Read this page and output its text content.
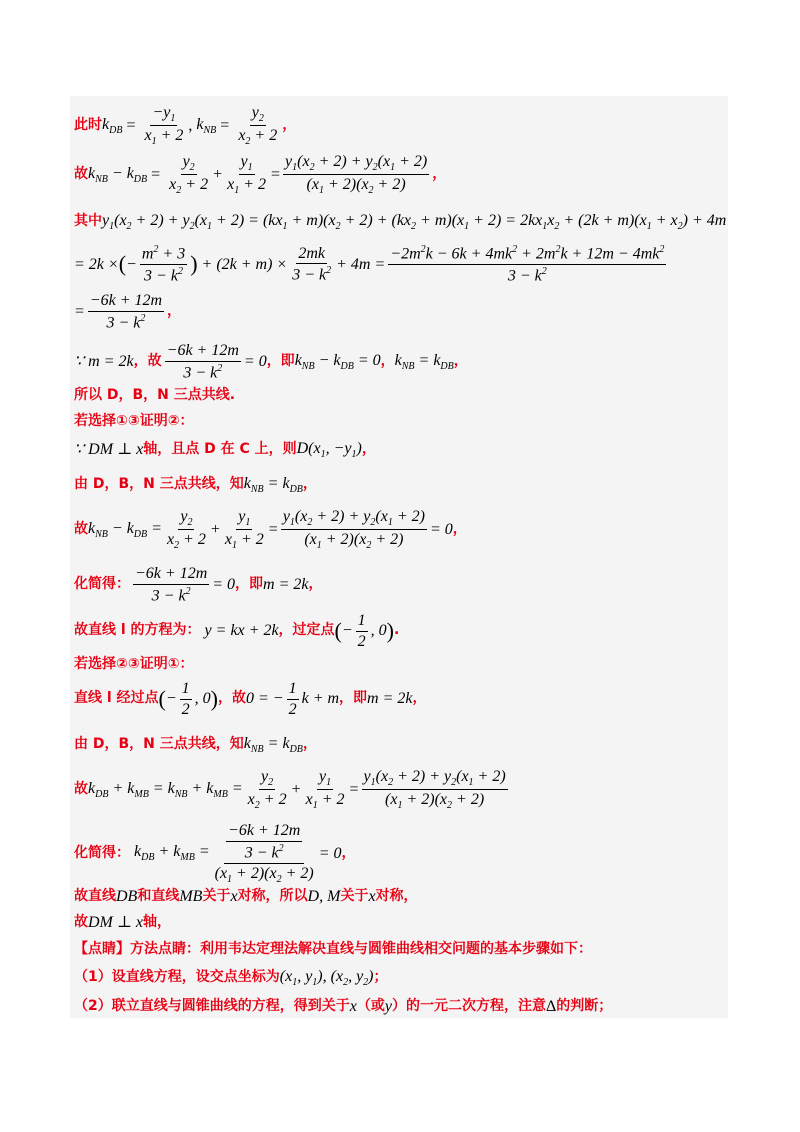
此时 $k_{DB} = \frac{-y_1}{x_1 + 2}$ , $k_{NB} = \frac{y_2}{x_2 + 2}$ ，
故 $k_{NB} - k_{DB} = \frac{y_2}{x_2 + 2} + \frac{y_1}{x_1 + 2} = \frac{y_1(x_2 + 2) + y_2(x_1 + 2)}{(x_1 + 2)(x_2 + 2)}$ ，
其中 $y_1(x_2 + 2) + y_2(x_1 + 2) = (kx_1 + m)(x_2 + 2) + (kx_2 + m)(x_1 + 2) = 2kx_1x_2 + (2k + m)(x_1 + x_2) + 4m$
= 2k × ( − $\frac{m^2 + 3}{3 - k^2}$ ) + $(2k + m) \times \frac{2mk}{3 - k^2} + 4m = \frac{-2m^2k - 6k + 4mk^2 + 2m^2k + 12m - 4mk^2}{3 - k^2}$
= $\frac{-6k + 12m}{3 - k^2}$ ，
∵ m = 2k ，故 $\frac{-6k + 12m}{3 - k^2} = 0$ ，即 $k_{NB} - k_{DB} = 0$ ， $k_{NB} = k_{DB}$ ，
所以 D，B，N 三点共线.
若选择①③证明②：
∵ DM ⊥ x 轴，且点 D 在 C 上，则 $D(x_1$, $-y_1$) ，
由 D，B，N 三点共线，知 $k_{NB} = k_{DB}$ ，
故 $k_{NB} - k_{DB} = \frac{y_2}{x_2 + 2} + \frac{y_1}{x_1 + 2} = \frac{y_1(x_2 + 2) + y_2(x_1 + 2)}{(x_1 + 2)(x_2 + 2)} = 0$ ，
化简得： $\frac{-6k + 12m}{3 - k^2} = 0$ ，即 m = 2k ，
故直线 l 的方程为： y = kx + 2k ，过定点 ( − $\frac{1}{2}$ , 0 ) .
若选择②③证明①：
直线 l 经过点 ( − $\frac{1}{2}$ , 0 ) ，故 0 = − $\frac{1}{2}$ k + m ，即 m = 2k ，
由 D，B，N 三点共线，知 $k_{NB} = k_{DB}$ ，
故 $k_{DB} + k_{MB} = k_{NB} + k_{MB} = \frac{y_2}{x_2 + 2} + \frac{y_1}{x_1 + 2} = \frac{y_1(x_2 + 2) + y_2(x_1 + 2)}{(x_1 + 2)(x_2 + 2)}$
化简得： $k_{DB} + k_{MB} = \frac{\frac{-6k + 12m}{3 - k^2}}{(x_1 + 2)(x_2 + 2)} = 0$ ，
故直线 DB 和直线 MB 关于 x 对称，所以 D, M 关于 x 对称，
故 DM ⊥ x 轴，
【点睛】方法点睛：利用韦达定理法解决直线与圆锥曲线相交问题的基本步骤如下：
（1）设直线方程，设交点坐标为 ($x_1$, $y_1$), ($x_2$, $y_2$) ；
（2）联立直线与圆锥曲线的方程，得到关于 x （或 y ）的一元二次方程，注意 Δ 的判断；
